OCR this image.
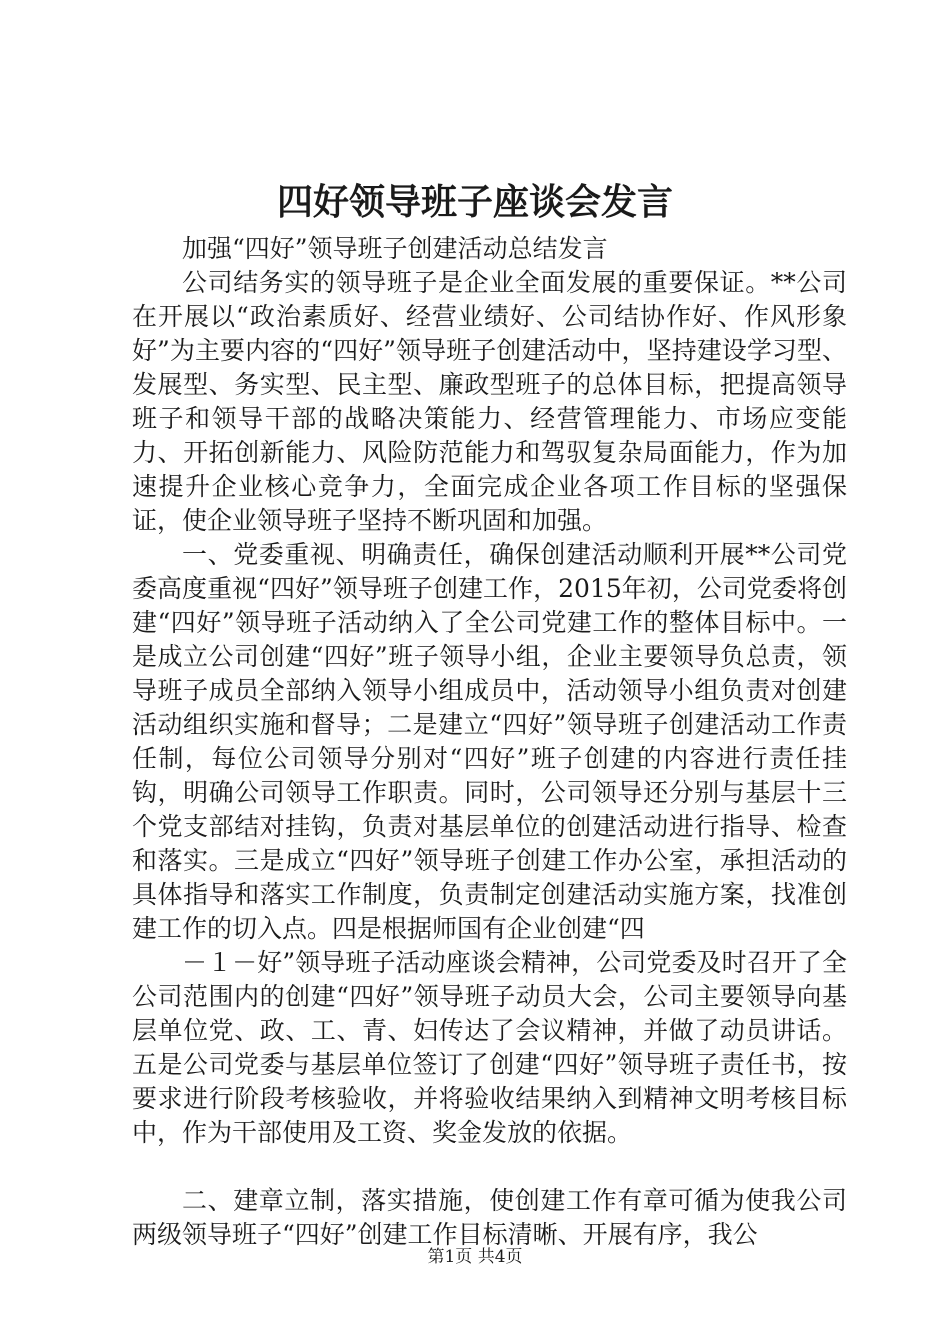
四好领导班子座谈会发言

加强“四好”领导班子创建活动总结发言

公司结务实的领导班子是企业全面发展的重要保证。**公司在开展以“政治素质好、经营业绩好、公司结协作好、作风形象好”为主要内容的“四好”领导班子创建活动中，坚持建设学习型、发展型、务实型、民主型、廉政型班子的总体目标，把提高领导班子和领导干部的战略决策能力、经营管理能力、市场应变能力、开拓创新能力、风险防范能力和驾驭复杂局面能力，作为加速提升企业核心竞争力，全面完成企业各项工作目标的坚强保证，使企业领导班子坚持不断巩固和加强。

一、党委重视、明确责任，确保创建活动顺利开展**公司党委高度重视“四好”领导班子创建工作，2015年初，公司党委将创建“四好”领导班子活动纳入了全公司党建工作的整体目标中。一是成立公司创建“四好”班子领导小组，企业主要领导负总责，领导班子成员全部纳入领导小组成员中，活动领导小组负责对创建活动组织实施和督导；二是建立“四好”领导班子创建活动工作责任制，每位公司领导分别对“四好”班子创建的内容进行责任挂钩，明确公司领导工作职责。同时，公司领导还分别与基层十三个党支部结对挂钩，负责对基层单位的创建活动进行指导、检查和落实。三是成立“四好”领导班子创建工作办公室，承担活动的具体指导和落实工作制度，负责制定创建活动实施方案，找准创建工作的切入点。四是根据师国有企业创建“四

－１－好”领导班子活动座谈会精神，公司党委及时召开了全公司范围内的创建“四好”领导班子动员大会，公司主要领导向基层单位党、政、工、青、妇传达了会议精神，并做了动员讲话。五是公司党委与基层单位签订了创建“四好”领导班子责任书，按要求进行阶段考核验收，并将验收结果纳入到精神文明考核目标中，作为干部使用及工资、奖金发放的依据。

二、建章立制，落实措施，使创建工作有章可循为使我公司两级领导班子“四好”创建工作目标清晰、开展有序，我公

第1页 共4页
